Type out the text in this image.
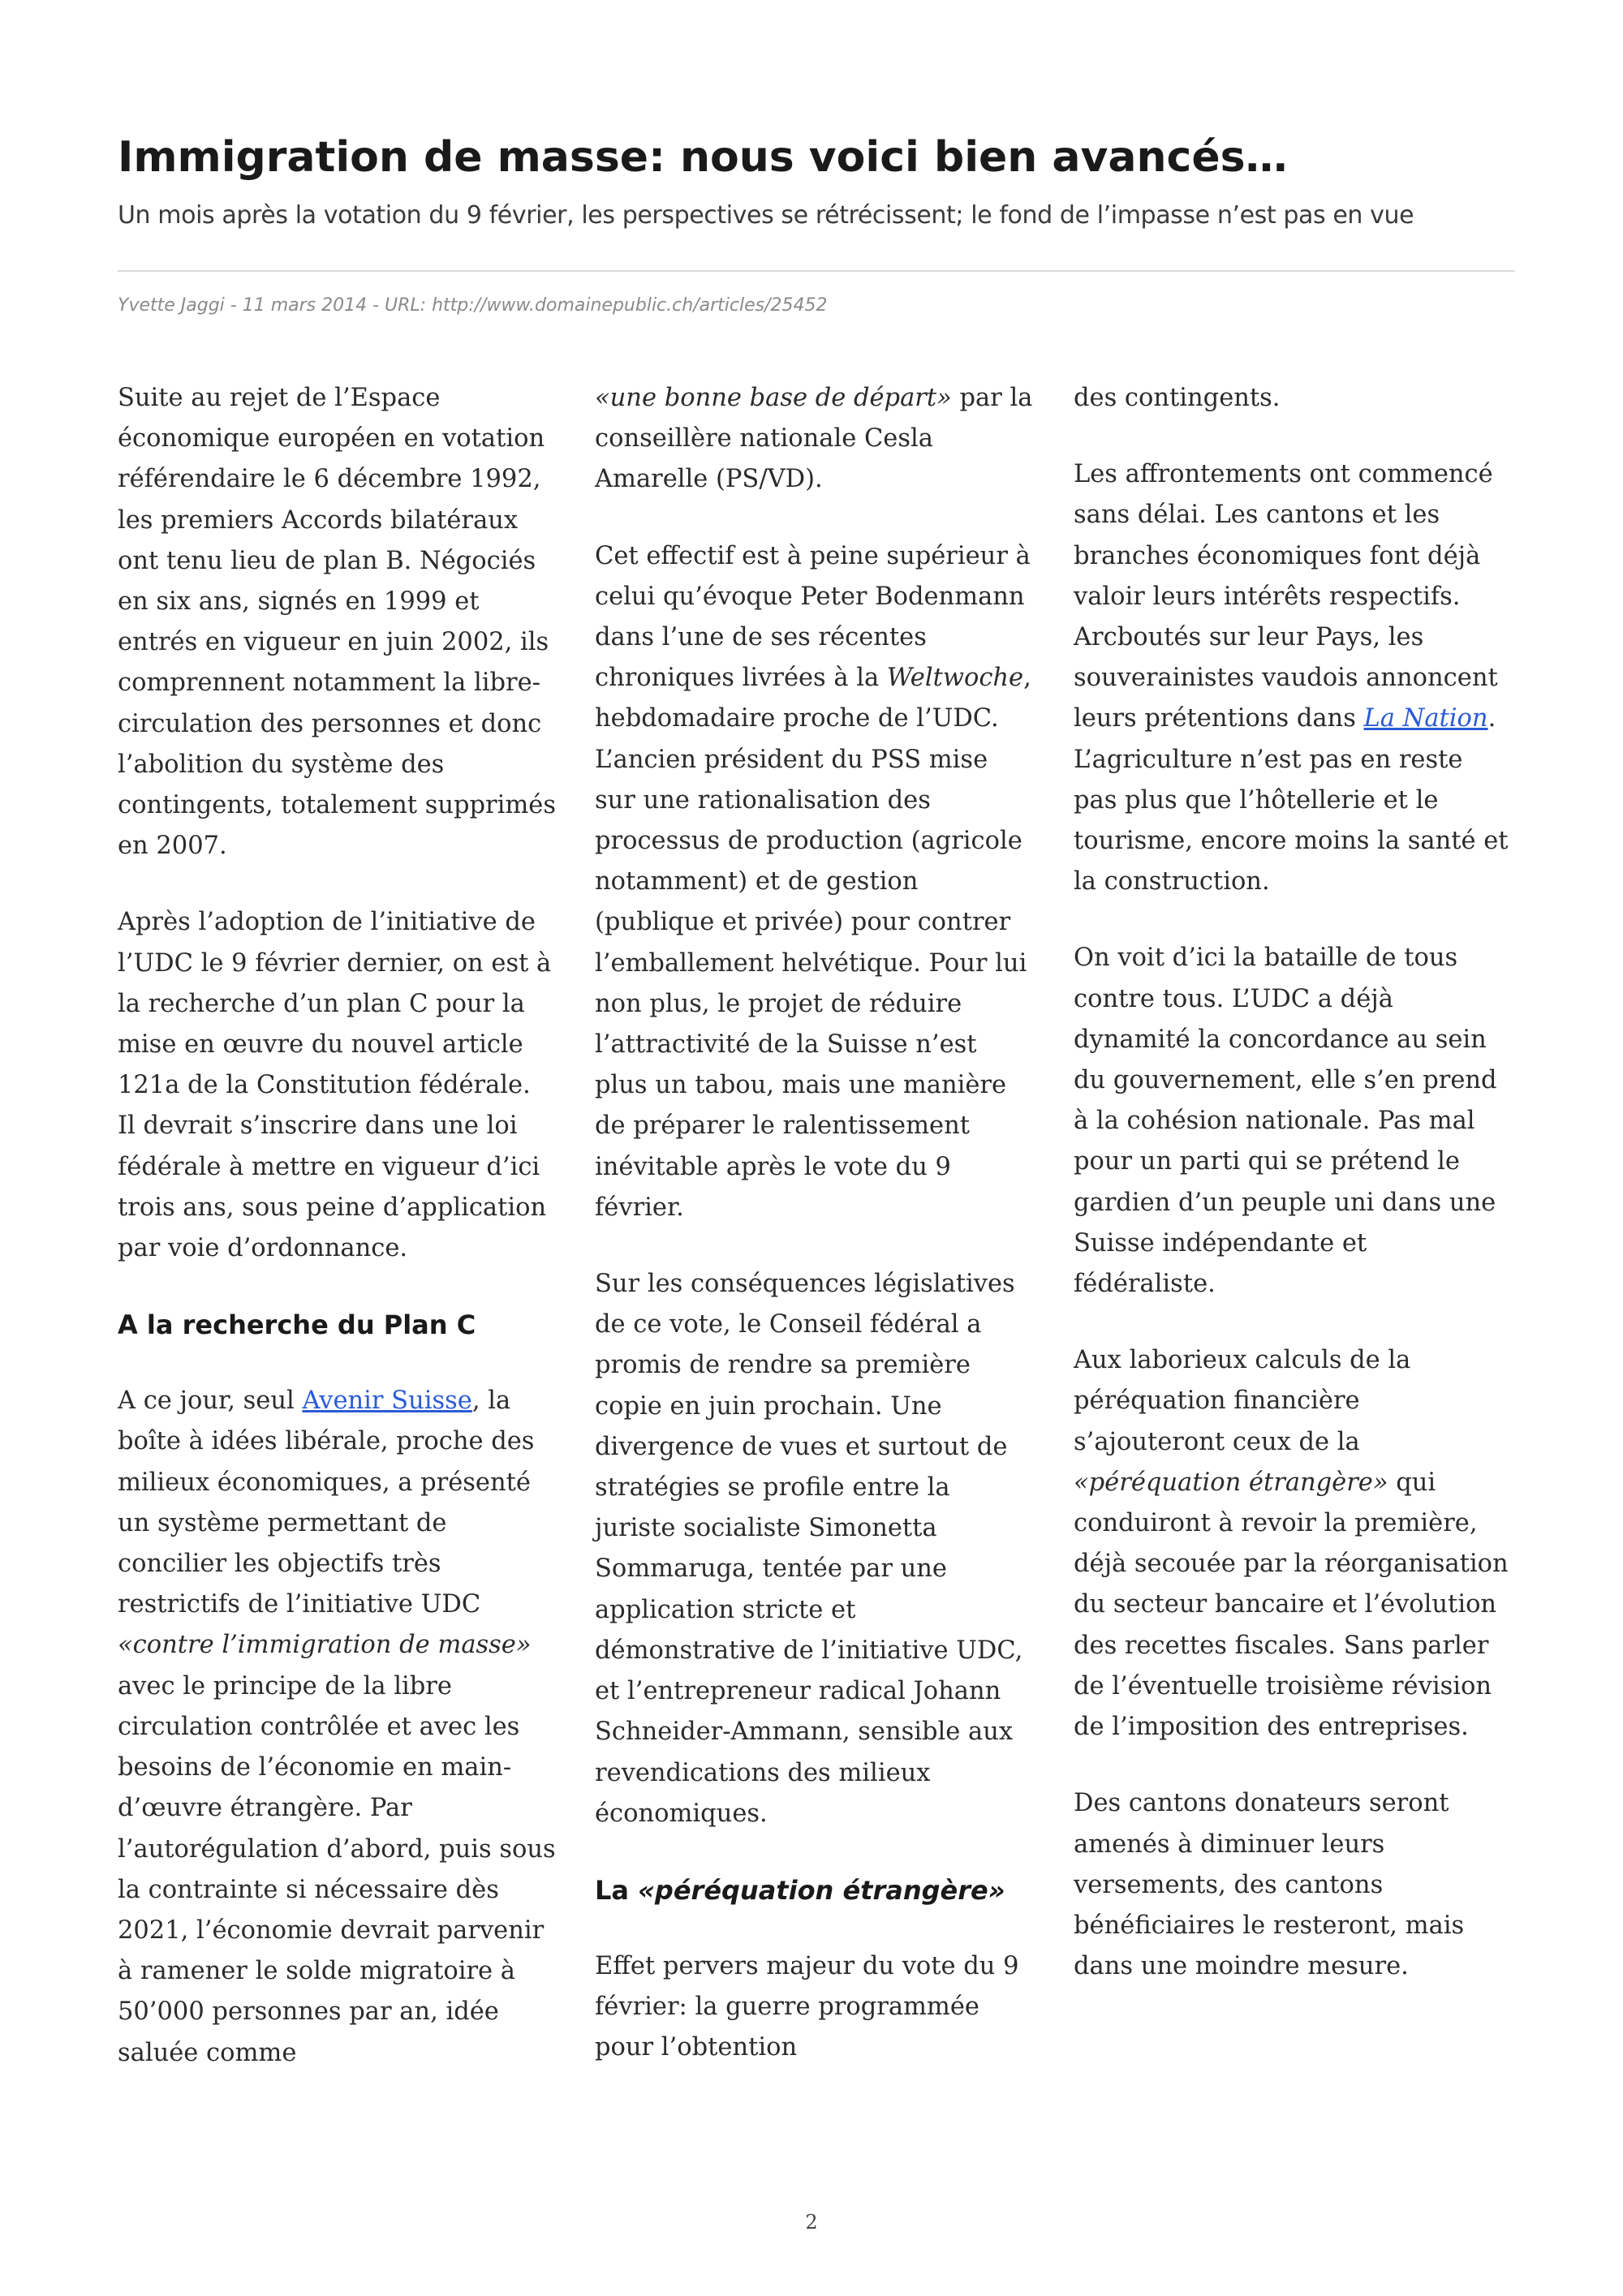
Immigration de masse: nous voici bien avancés…
Un mois après la votation du 9 février, les perspectives se rétrécissent; le fond de l’impasse n’est pas en vue
Yvette Jaggi - 11 mars 2014 - URL: http://www.domainepublic.ch/articles/25452

Suite au rejet de l’Espace économique européen en votation référendaire le 6 décembre 1992, les premiers Accords bilatéraux ont tenu lieu de plan B. Négociés en six ans, signés en 1999 et entrés en vigueur en juin 2002, ils comprennent notamment la libre-circulation des personnes et donc l’abolition du système des contingents, totalement supprimés en 2007.

Après l’adoption de l’initiative de l’UDC le 9 février dernier, on est à la recherche d’un plan C pour la mise en œuvre du nouvel article 121a de la Constitution fédérale. Il devrait s’inscrire dans une loi fédérale à mettre en vigueur d’ici trois ans, sous peine d’application par voie d’ordonnance.

A la recherche du Plan C

A ce jour, seul Avenir Suisse, la boîte à idées libérale, proche des milieux économiques, a présenté un système permettant de concilier les objectifs très restrictifs de l’initiative UDC «contre l’immigration de masse» avec le principe de la libre circulation contrôlée et avec les besoins de l’économie en main-d’œuvre étrangère. Par l’autorégulation d’abord, puis sous la contrainte si nécessaire dès 2021, l’économie devrait parvenir à ramener le solde migratoire à 50’000 personnes par an, idée saluée comme

«une bonne base de départ» par la conseillère nationale Cesla Amarelle (PS/VD).

Cet effectif est à peine supérieur à celui qu’évoque Peter Bodenmann dans l’une de ses récentes chroniques livrées à la Weltwoche, hebdomadaire proche de l’UDC. L’ancien président du PSS mise sur une rationalisation des processus de production (agricole notamment) et de gestion (publique et privée) pour contrer l’emballement helvétique. Pour lui non plus, le projet de réduire l’attractivité de la Suisse n’est plus un tabou, mais une manière de préparer le ralentissement inévitable après le vote du 9 février.

Sur les conséquences législatives de ce vote, le Conseil fédéral a promis de rendre sa première copie en juin prochain. Une divergence de vues et surtout de stratégies se profile entre la juriste socialiste Simonetta Sommaruga, tentée par une application stricte et démonstrative de l’initiative UDC, et l’entrepreneur radical Johann Schneider-Ammann, sensible aux revendications des milieux économiques.

La «péréquation étrangère»

Effet pervers majeur du vote du 9 février: la guerre programmée pour l’obtention

des contingents.

Les affrontements ont commencé sans délai. Les cantons et les branches économiques font déjà valoir leurs intérêts respectifs. Arcboutés sur leur Pays, les souverainistes vaudois annoncent leurs prétentions dans La Nation. L’agriculture n’est pas en reste pas plus que l’hôtellerie et le tourisme, encore moins la santé et la construction.

On voit d’ici la bataille de tous contre tous. L’UDC a déjà dynamité la concordance au sein du gouvernement, elle s’en prend à la cohésion nationale. Pas mal pour un parti qui se prétend le gardien d’un peuple uni dans une Suisse indépendante et fédéraliste.

Aux laborieux calculs de la péréquation financière s’ajouteront ceux de la «péréquation étrangère» qui conduiront à revoir la première, déjà secouée par la réorganisation du secteur bancaire et l’évolution des recettes fiscales. Sans parler de l’éventuelle troisième révision de l’imposition des entreprises.

Des cantons donateurs seront amenés à diminuer leurs versements, des cantons bénéficiaires le resteront, mais dans une moindre mesure.

2
